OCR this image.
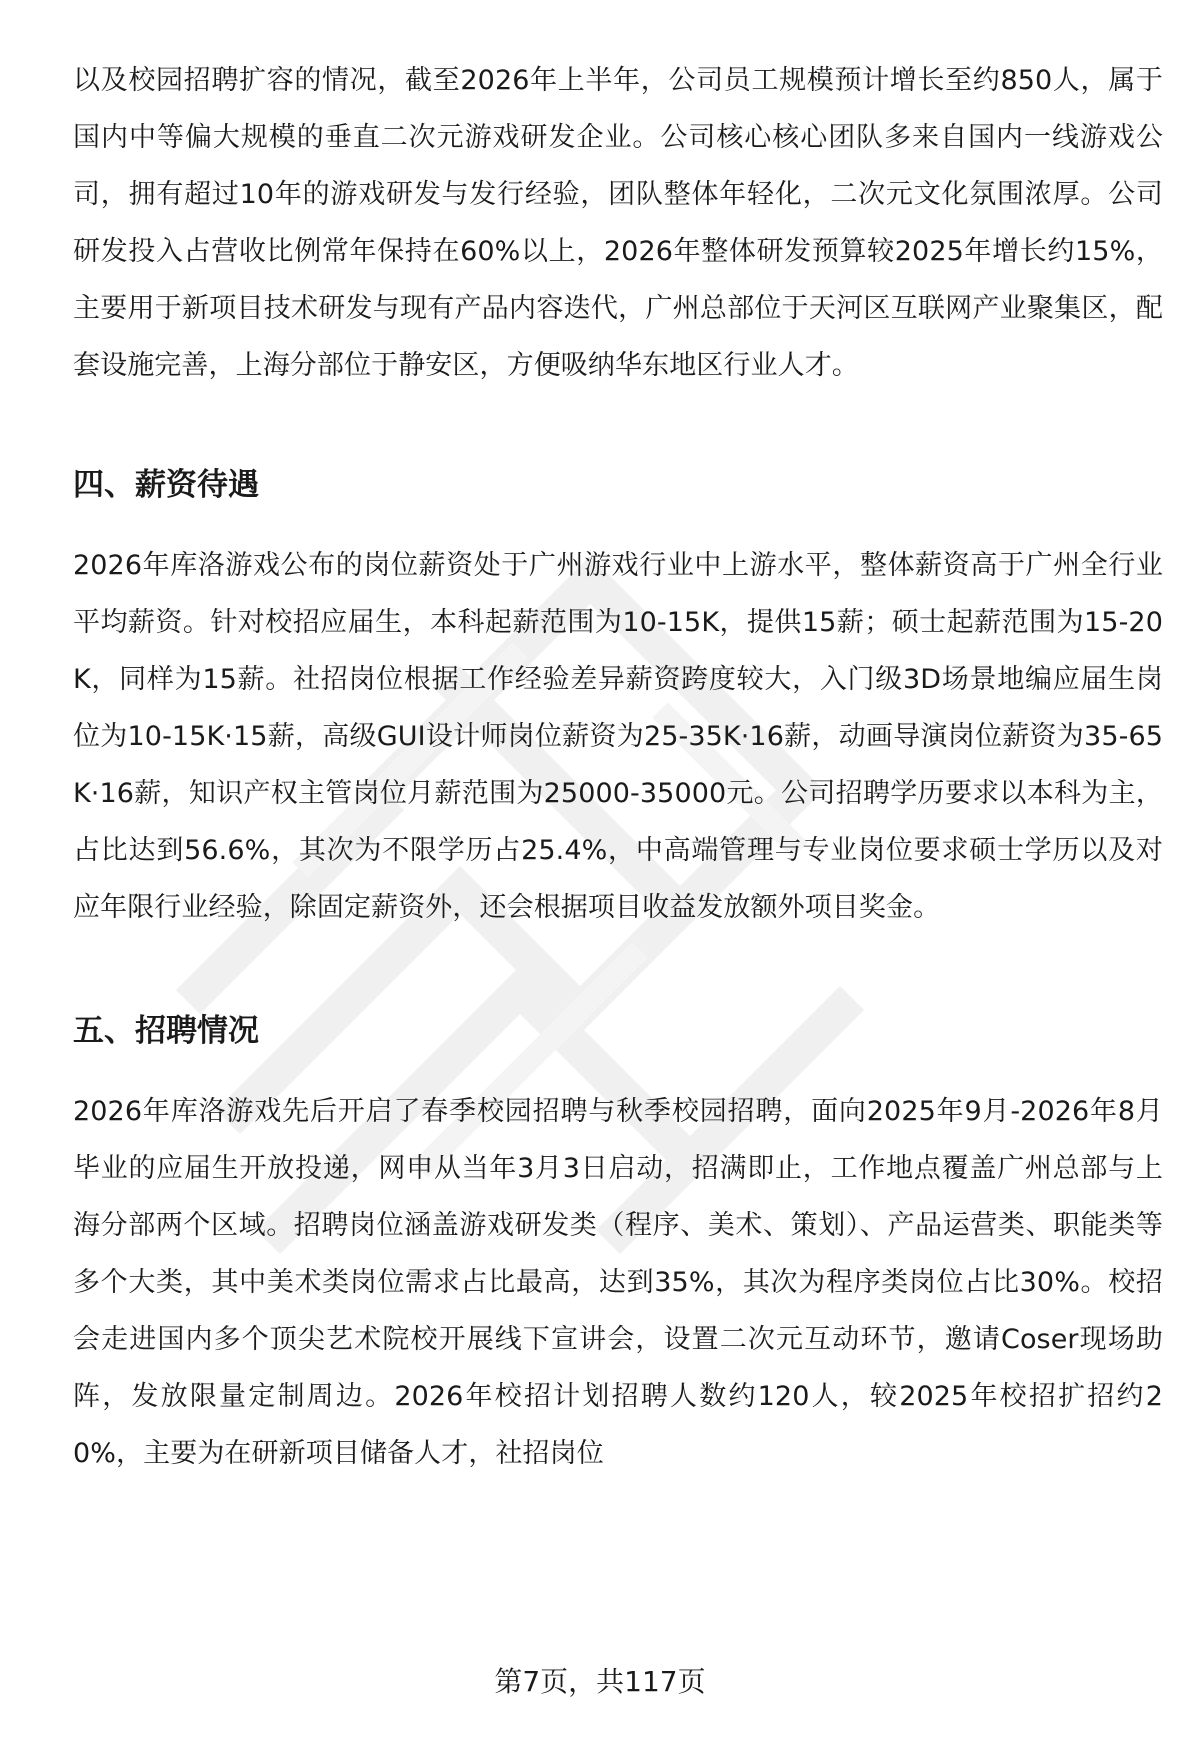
以及校园招聘扩容的情况，截至2026年上半年，公司员工规模预计增长至约850人，属于国内中等偏大规模的垂直二次元游戏研发企业。公司核心核心团队多来自国内一线游戏公司，拥有超过10年的游戏研发与发行经验，团队整体年轻化，二次元文化氛围浓厚。公司研发投入占营收比例常年保持在60%以上，2026年整体研发预算较2025年增长约15%，主要用于新项目技术研发与现有产品内容迭代，广州总部位于天河区互联网产业聚集区，配套设施完善，上海分部位于静安区，方便吸纳华东地区行业人才。

四、薪资待遇

2026年库洛游戏公布的岗位薪资处于广州游戏行业中上游水平，整体薪资高于广州全行业平均薪资。针对校招应届生，本科起薪范围为10-15K，提供15薪；硕士起薪范围为15-20K，同样为15薪。社招岗位根据工作经验差异薪资跨度较大，入门级3D场景地编应届生岗位为10-15K·15薪，高级GUI设计师岗位薪资为25-35K·16薪，动画导演岗位薪资为35-65K·16薪，知识产权主管岗位月薪范围为25000-35000元。公司招聘学历要求以本科为主，占比达到56.6%，其次为不限学历占25.4%，中高端管理与专业岗位要求硕士学历以及对应年限行业经验，除固定薪资外，还会根据项目收益发放额外项目奖金。

五、招聘情况

2026年库洛游戏先后开启了春季校园招聘与秋季校园招聘，面向2025年9月-2026年8月毕业的应届生开放投递，网申从当年3月3日启动，招满即止，工作地点覆盖广州总部与上海分部两个区域。招聘岗位涵盖游戏研发类（程序、美术、策划）、产品运营类、职能类等多个大类，其中美术类岗位需求占比最高，达到35%，其次为程序类岗位占比30%。校招会走进国内多个顶尖艺术院校开展线下宣讲会，设置二次元互动环节，邀请Coser现场助阵，发放限量定制周边。2026年校招计划招聘人数约120人，较2025年校招扩招约20%，主要为在研新项目储备人才，社招岗位

第7页，共117页
